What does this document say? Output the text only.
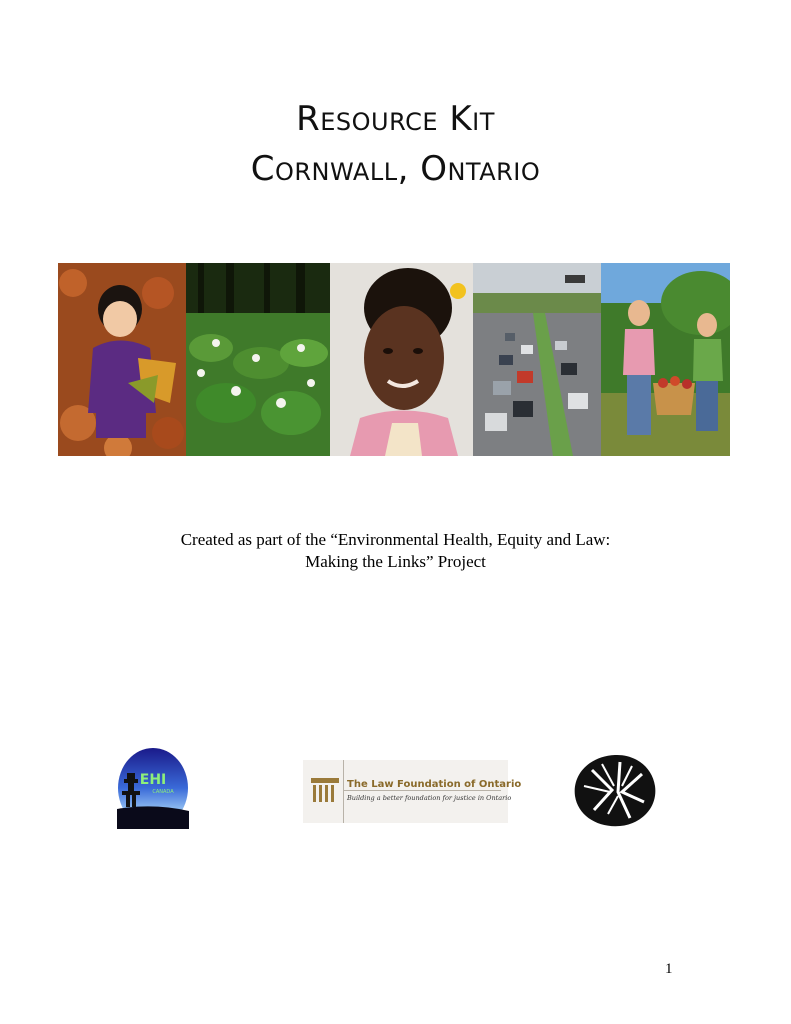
Resource Kit
Cornwall, Ontario
Created as part of the “Environmental Health, Equity and Law:
Making the Links” Project
EHI
CANADA
The Law Foundation of Ontario
Building a better foundation for justice in Ontario
1
